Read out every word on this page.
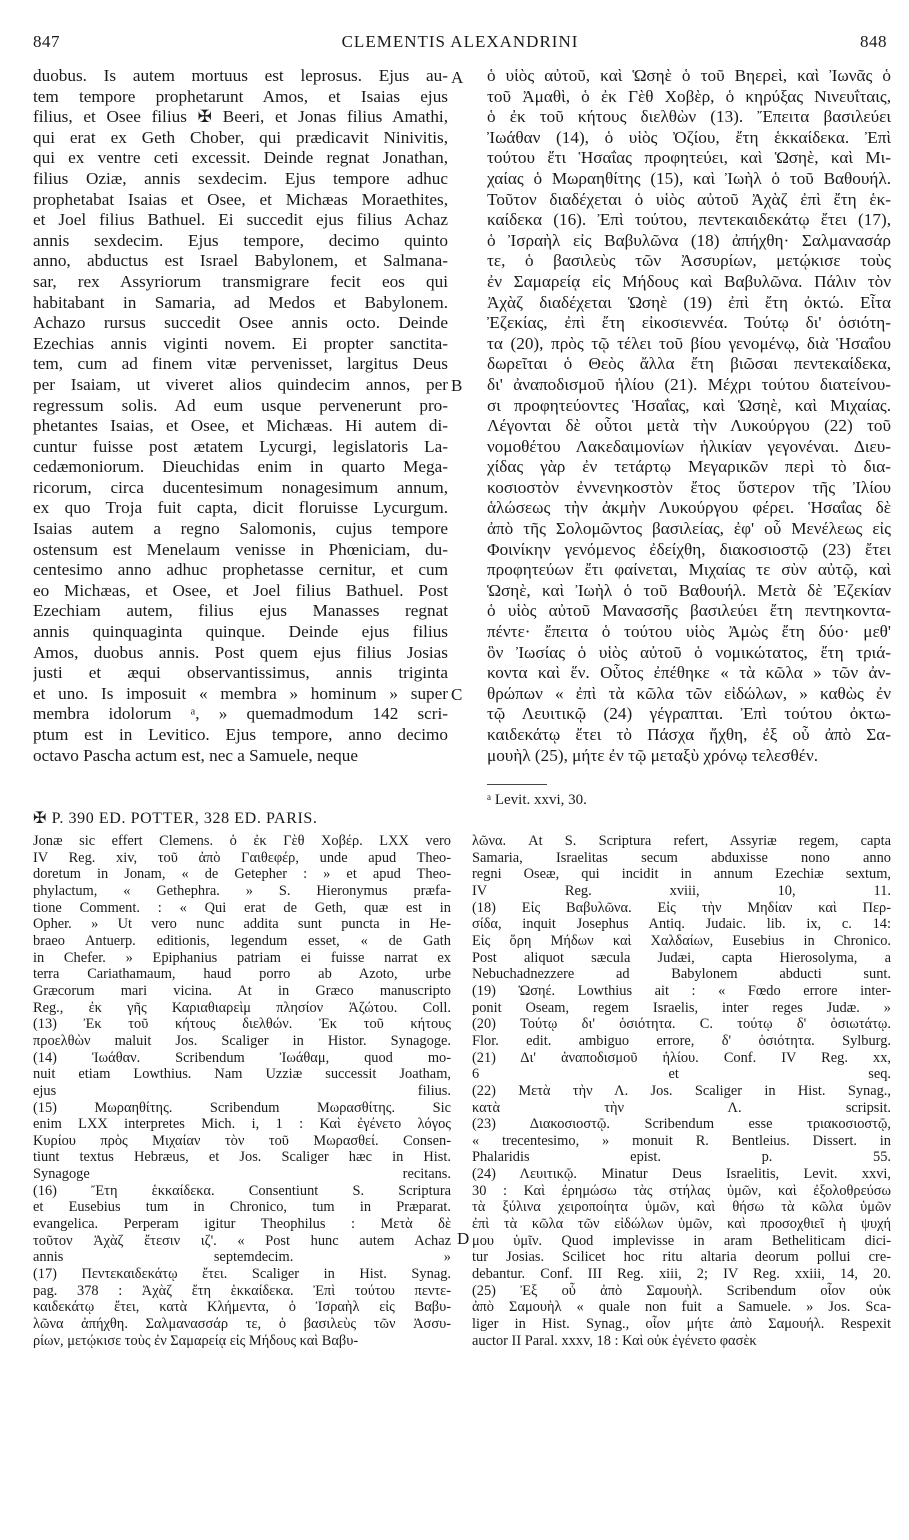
847	CLEMENTIS ALEXANDRINI	848
duobus. Is autem mortuus est leprosus. Ejus au-
tem tempore prophetarunt Amos, et Isaias ejus
filius, et Osee filius ✠ Beeri, et Jonas filius Amathi,
qui erat ex Geth Chober, qui prædicavit Ninivitis,
qui ex ventre ceti excessit. Deinde regnat Jonathan,
filius Oziæ, annis sexdecim. Ejus tempore adhuc
prophetabat Isaias et Osee, et Michæas Moraethites,
et Joel filius Bathuel. Ei succedit ejus filius Achaz
annis sexdecim. Ejus tempore, decimo quinto
anno, abductus est Israel Babylonem, et Salmana-
sar, rex Assyriorum transmigrare fecit eos qui
habitabant in Samaria, ad Medos et Babylonem.
Achazo rursus succedit Osee annis octo. Deinde
Ezechias annis viginti novem. Ei propter sanctita-
tem, cum ad finem vitæ pervenisset, largitus Deus
per Isaiam, ut viveret alios quindecim annos, per
regressum solis. Ad eum usque pervenerunt pro-
phetantes Isaias, et Osee, et Michæas. Hi autem di-
cuntur fuisse post ætatem Lycurgi, legislatoris La-
cedæmoniorum. Dieuchidas enim in quarto Mega-
ricorum, circa ducentesimum nonagesimum annum,
ex quo Troja fuit capta, dicit floruisse Lycurgum.
Isaias autem a regno Salomonis, cujus tempore
ostensum est Menelaum venisse in Phœniciam, du-
centesimo anno adhuc prophetasse cernitur, et cum
eo Michæas, et Osee, et Joel filius Bathuel. Post
Ezechiam autem, filius ejus Manasses regnat
annis quinquaginta quinque. Deinde ejus filius
Amos, duobus annis. Post quem ejus filius Josias
justi et æqui observantissimus, annis triginta
et uno. Is imposuit « membra » hominum » super
membra idolorum ᵃ, » quemadmodum 142 scri-
ptum est in Levitico. Ejus tempore, anno decimo
octavo Pascha actum est, nec a Samuele, neque
A
B
C
D
ὁ υἱὸς αὐτοῦ, καὶ Ὡσηὲ ὁ τοῦ Βηερεὶ, καὶ Ἰωνᾶς ὁ
τοῦ Ἀμαθὶ, ὁ ἐκ Γὲθ Χοβὲρ, ὁ κηρύξας Νινευΐταις,
ὁ ἐκ τοῦ κήτους διελθὼν (13). Ἔπειτα βασιλεύει
Ἰωάθαν (14), ὁ υἱὸς Ὀζίου, ἔτη ἑκκαίδεκα. Ἐπὶ
τούτου ἔτι Ἡσαΐας προφητεύει, καὶ Ὡσηὲ, καὶ Μι-
χαίας ὁ Μωραηθίτης (15), καὶ Ἰωὴλ ὁ τοῦ Βαθουήλ.
Τοῦτον διαδέχεται ὁ υἱὸς αὐτοῦ Ἀχὰζ ἐπὶ ἔτη ἑκ-
καίδεκα (16). Ἐπὶ τούτου, πεντεκαιδεκάτῳ ἔτει (17),
ὁ Ἰσραὴλ εἰς Βαβυλῶνα (18) ἀπήχθη· Σαλμανασάρ
τε, ὁ βασιλεὺς τῶν Ἀσσυρίων, μετῴκισε τοὺς
ἐν Σαμαρείᾳ εἰς Μήδους καὶ Βαβυλῶνα. Πάλιν τὸν
Ἀχὰζ διαδέχεται Ὡσηὲ (19) ἐπὶ ἔτη ὀκτώ. Εἶτα
Ἐζεκίας, ἐπὶ ἔτη εἰκοσιεννέα. Τούτῳ δι' ὁσιότη-
τα (20), πρὸς τῷ τέλει τοῦ βίου γενομένῳ, διὰ Ἡσαΐου
δωρεῖται ὁ Θεὸς ἄλλα ἔτη βιῶσαι πεντεκαίδεκα,
δι' ἀναποδισμοῦ ἡλίου (21). Μέχρι τούτου διατείνου-
σι προφητεύοντες Ἡσαΐας, καὶ Ὡσηὲ, καὶ Μιχαίας.
Λέγονται δὲ οὗτοι μετὰ τὴν Λυκούργου (22) τοῦ
νομοθέτου Λακεδαιμονίων ἡλικίαν γεγονέναι. Διευ-
χίδας γὰρ ἐν τετάρτῳ Μεγαρικῶν περὶ τὸ δια-
κοσιοστὸν ἐννενηκοστὸν ἔτος ὕστερον τῆς Ἰλίου
ἁλώσεως τὴν ἀκμὴν Λυκούργου φέρει. Ἡσαΐας δὲ
ἀπὸ τῆς Σολομῶντος βασιλείας, ἐφ' οὗ Μενέλεως εἰς
Φοινίκην γενόμενος ἐδείχθη, διακοσιοστῷ (23) ἔτει
προφητεύων ἔτι φαίνεται, Μιχαίας τε σὺν αὐτῷ, καὶ
Ὡσηὲ, καὶ Ἰωὴλ ὁ τοῦ Βαθουήλ. Μετὰ δὲ Ἐζεκίαν
ὁ υἱὸς αὐτοῦ Μανασσῆς βασιλεύει ἔτη πεντηκοντα-
πέντε· ἔπειτα ὁ τούτου υἱὸς Ἀμὼς ἔτη δύο· μεθ'
ὃν Ἰωσίας ὁ υἱὸς αὐτοῦ ὁ νομικώτατος, ἔτη τριά-
κοντα καὶ ἕν. Οὗτος ἐπέθηκε « τὰ κῶλα » τῶν ἀν-
θρώπων « ἐπὶ τὰ κῶλα τῶν εἰδώλων, » καθὼς ἐν
τῷ Λευιτικῷ (24) γέγραπται. Ἐπὶ τούτου ὀκτω-
καιδεκάτῳ ἔτει τὸ Πάσχα ἤχθη, ἐξ οὗ ἀπὸ Σα-
μουὴλ (25), μήτε ἐν τῷ μεταξὺ χρόνῳ τελεσθέν.
✠ P. 390 ED. POTTER, 328 ED. PARIS.
ᵃ Levit. xxvi, 30.
Jonæ sic effert Clemens. ὁ ἐκ Γὲθ Χοβέρ. LXX vero
IV Reg. xiv, τοῦ ἀπὸ Γαιθεφέρ, unde apud Theo-
doretum in Jonam, « de Getepher : » et apud Theo-
phylactum, « Gethephra. » S. Hieronymus præfa-
tione Comment. : « Qui erat de Geth, quæ est in
Opher. » Ut vero nunc addita sunt puncta in He-
braeo Antuerp. editionis, legendum esset, « de Gath
in Chefer. » Epiphanius patriam ei fuisse narrat ex
terra Cariathamaum, haud porro ab Azoto, urbe
Græcorum mari vicina. At in Græco manuscripto
Reg., ἐκ γῆς Καριαθιαρεὶμ πλησίον Ἀζώτου. Coll.
(13) Ἐκ τοῦ κήτους διελθών. Ἐκ τοῦ κήτους
προελθὼν maluit Jos. Scaliger in Histor. Synagoge.
(14) Ἰωάθαν. Scribendum Ἰωάθαμ, quod mo-
nuit etiam Lowthius. Nam Uzziæ successit Joatham,
ejus filius.
(15) Μωραηθίτης. Scribendum Μωρασθίτης. Sic
enim LXX interpretes Mich. i, 1 : Καὶ ἐγένετο λόγος
Κυρίου πρὸς Μιχαίαν τὸν τοῦ Μωρασθεί. Consen-
tiunt textus Hebræus, et Jos. Scaliger hæc in Hist.
Synagoge recitans.
(16) Ἔτη ἑκκαίδεκα. Consentiunt S. Scriptura
et Eusebius tum in Chronico, tum in Præparat.
evangelica. Perperam igitur Theophilus : Μετὰ δὲ
τοῦτον Ἀχὰζ ἔτεσιν ιζ'. « Post hunc autem Achaz
annis septemdecim. »
(17) Πεντεκαιδεκάτῳ ἔτει. Scaliger in Hist. Synag.
pag. 378 : Ἀχὰζ ἔτη ἑκκαίδεκα. Ἐπὶ τούτου πεντε-
καιδεκάτῳ ἔτει, κατὰ Κλήμεντα, ὁ Ἰσραὴλ εἰς Βαβυ-
λῶνα ἀπήχθη. Σαλμανασσάρ τε, ὁ βασιλεὺς τῶν Ἀσσυ-
ρίων, μετῴκισε τοὺς ἐν Σαμαρείᾳ εἰς Μήδους καὶ Βαβυ-
λῶνα. At S. Scriptura refert, Assyriæ regem, capta
Samaria, Israelitas secum abduxisse nono anno
regni Oseæ, qui incidit in annum Ezechiæ sextum,
IV Reg. xviii, 10, 11.
(18) Εἰς Βαβυλῶνα. Εἰς τὴν Μηδίαν καὶ Περ-
σίδα, inquit Josephus Antiq. Judaic. lib. ix, c. 14:
Εἰς ὅρη Μήδων καὶ Χαλδαίων, Eusebius in Chronico.
Post aliquot sæcula Judæi, capta Hierosolyma, a
Nebuchadnezzere ad Babylonem abducti sunt.
(19) Ὡσηέ. Lowthius ait : « Fœdo errore inter-
ponit Oseam, regem Israelis, inter reges Judæ. »
(20) Τούτῳ δι' ὁσιότητα. C. τούτῳ δ' ὁσιωτάτῳ.
Flor. edit. ambiguo errore, δ' ὁσιότητα. Sylburg.
(21) Δι' ἀναποδισμοῦ ἡλίου. Conf. IV Reg. xx,
6 et seq.
(22) Μετὰ τὴν Λ. Jos. Scaliger in Hist. Synag.,
κατὰ τὴν Λ. scripsit.
(23) Διακοσιοστῷ. Scribendum esse τριακοσιοστῷ,
« trecentesimo, » monuit R. Bentleius. Dissert. in
Phalaridis epist. p. 55.
(24) Λευιτικῷ. Minatur Deus Israelitis, Levit. xxvi,
30 : Καὶ ἐρημώσω τὰς στήλας ὑμῶν, καὶ ἐξολοθρεύσω
τὰ ξύλινα χειροποίητα ὑμῶν, καὶ θήσω τὰ κῶλα ὑμῶν
ἐπὶ τὰ κῶλα τῶν εἰδώλων ὑμῶν, καὶ προσοχθιεῖ ἡ ψυχή
μου ὑμῖν. Quod implevisse in aram Betheliticam dici-
tur Josias. Scilicet hoc ritu altaria deorum pollui cre-
debantur. Conf. III Reg. xiii, 2; IV Reg. xxiii, 14, 20.
(25) Ἐξ οὗ ἀπὸ Σαμουὴλ. Scribendum οἷον οὐκ
ἀπὸ Σαμουὴλ « quale non fuit a Samuele. » Jos. Sca-
liger in Hist. Synag., οἷον μήτε ἀπὸ Σαμουήλ. Respexit
auctor II Paral. xxxv, 18 : Καὶ οὐκ ἐγένετο φασὲκ
